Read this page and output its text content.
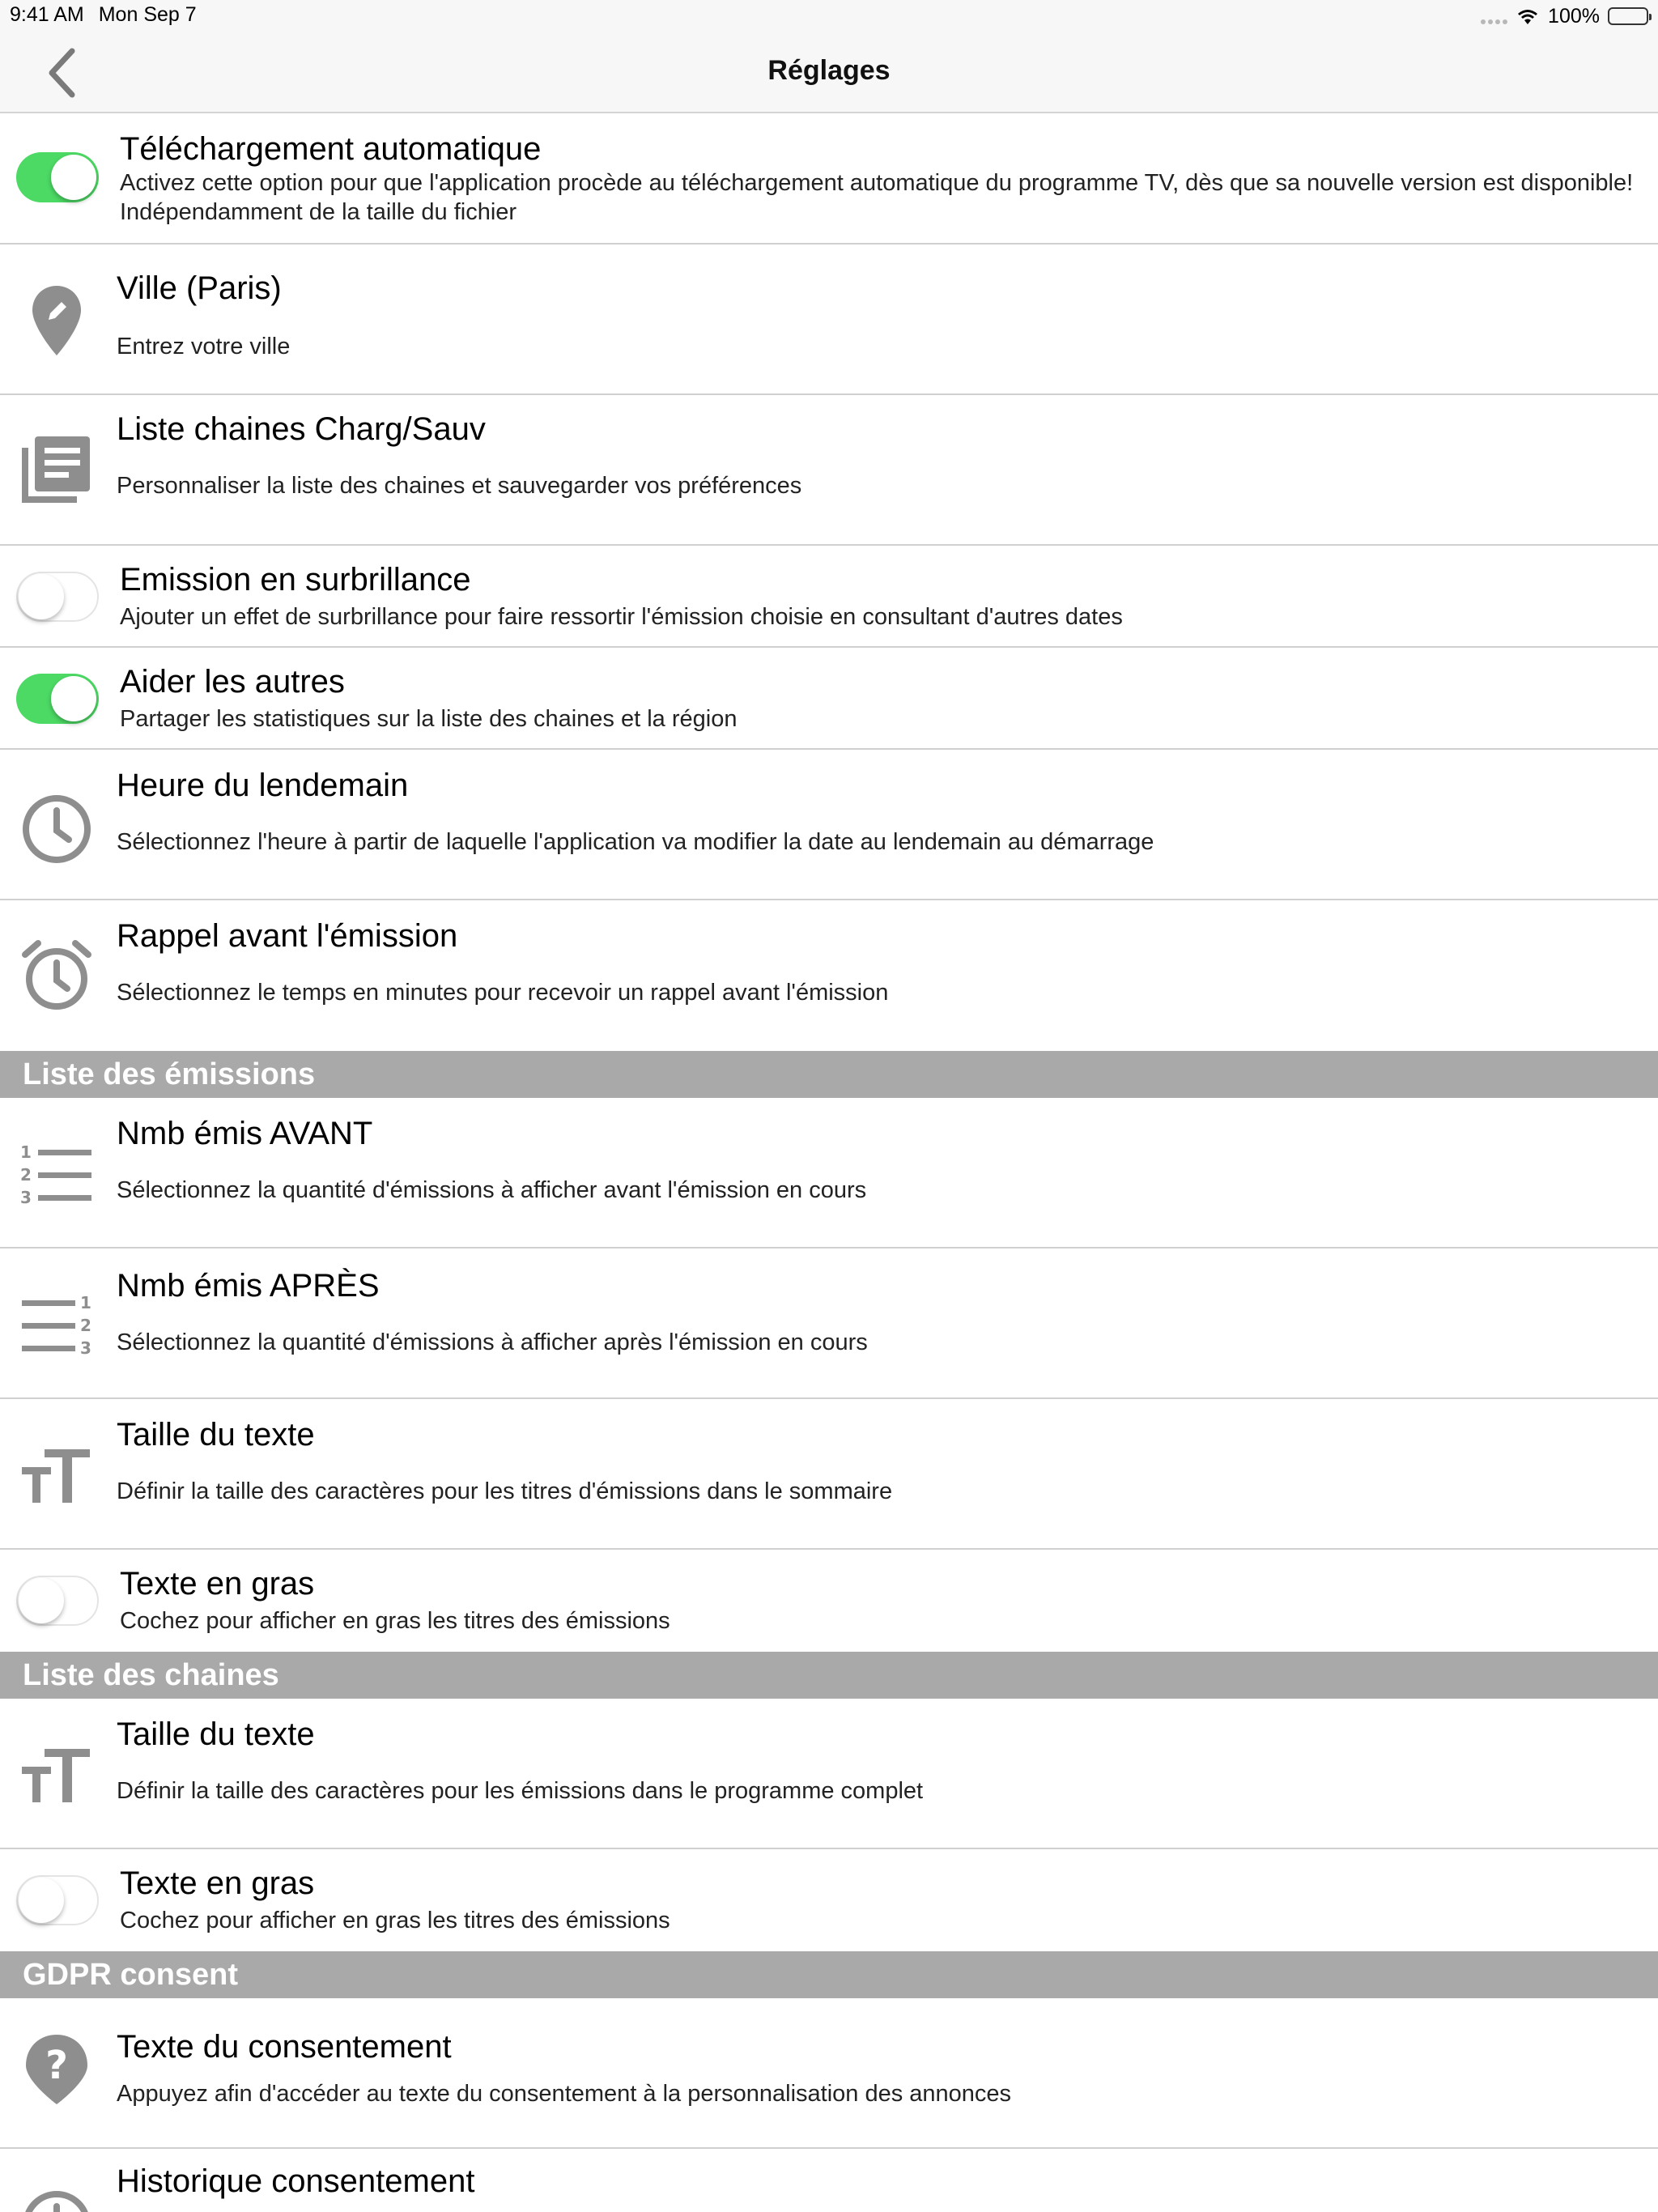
9:41 AM Mon Sep 7	100%
Réglages
Téléchargement automatique
Activez cette option pour que l'application procède au téléchargement automatique du programme TV, dès que sa nouvelle version est disponible! Indépendamment de la taille du fichier
Ville (Paris)
Entrez votre ville
Liste chaines Charg/Sauv
Personnaliser la liste des chaines et sauvegarder vos préférences
Emission en surbrillance
Ajouter un effet de surbrillance pour faire ressortir l'émission choisie en consultant d'autres dates
Aider les autres
Partager les statistiques sur la liste des chaines et la région
Heure du lendemain
Sélectionnez l'heure à partir de laquelle l'application va modifier la date au lendemain au démarrage
Rappel avant l'émission
Sélectionnez le temps en minutes pour recevoir un rappel avant l'émission
Liste des émissions
1
2
3
Nmb émis AVANT
Sélectionnez la quantité d'émissions à afficher avant l'émission en cours
1
2
3
Nmb émis APRÈS
Sélectionnez la quantité d'émissions à afficher après l'émission en cours
Taille du texte
Définir la taille des caractères pour les titres d'émissions dans le sommaire
Texte en gras
Cochez pour afficher en gras les titres des émissions
Liste des chaines
Taille du texte
Définir la taille des caractères pour les émissions dans le programme complet
Texte en gras
Cochez pour afficher en gras les titres des émissions
GDPR consent
? Texte du consentement
Appuyez afin d'accéder au texte du consentement à la personnalisation des annonces
Historique consentement
